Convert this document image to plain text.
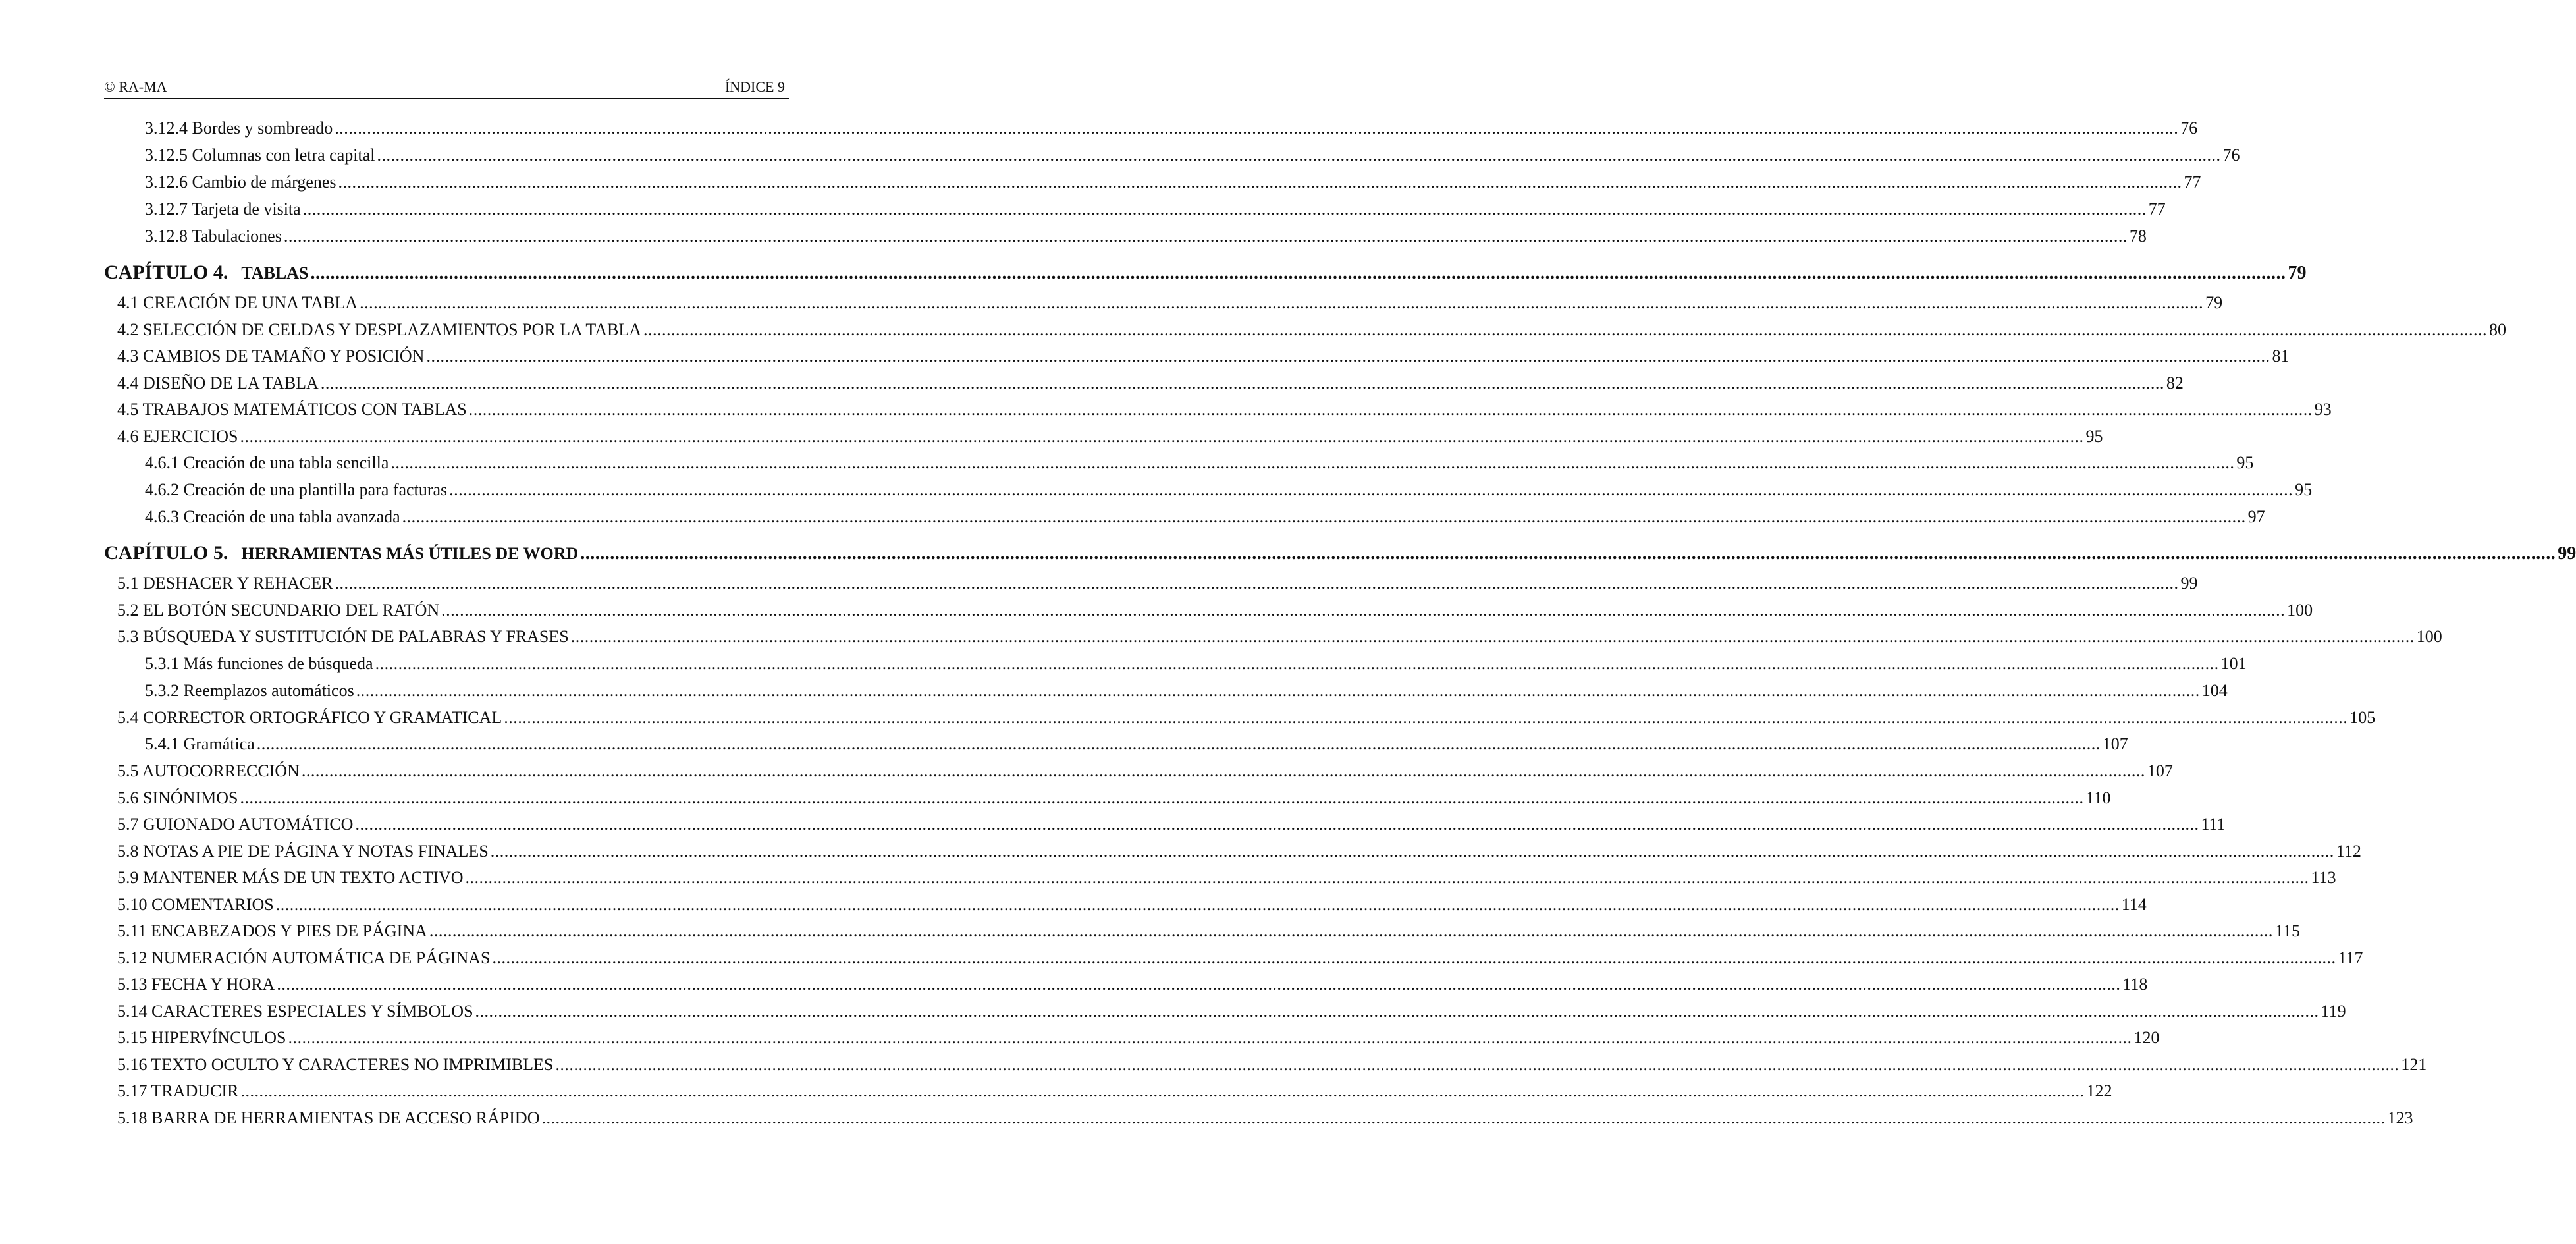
© RA-MA	ÍNDICE 9
3.12.4 Bordes y sombreado ................................................................................................................................................................................................................................................................................................................................................................................................................ 76
3.12.5 Columnas con letra capital ................................................................................................................................................................................................................................................................................................................................................................................................................ 76
3.12.6 Cambio de márgenes ................................................................................................................................................................................................................................................................................................................................................................................................................ 77
3.12.7 Tarjeta de visita ................................................................................................................................................................................................................................................................................................................................................................................................................ 77
3.12.8 Tabulaciones ................................................................................................................................................................................................................................................................................................................................................................................................................ 78
CAPÍTULO 4. TABLAS ................................................................................................................................................................................................................................................................................................................................................................................................................ 79
4.1 CREACIÓN DE UNA TABLA ................................................................................................................................................................................................................................................................................................................................................................................................................ 79
4.2 SELECCIÓN DE CELDAS Y DESPLAZAMIENTOS POR LA TABLA ................................................................................................................................................................................................................................................................................................................................................................................................................ 80
4.3 CAMBIOS DE TAMAÑO Y POSICIÓN ................................................................................................................................................................................................................................................................................................................................................................................................................ 81
4.4 DISEÑO DE LA TABLA ................................................................................................................................................................................................................................................................................................................................................................................................................ 82
4.5 TRABAJOS MATEMÁTICOS CON TABLAS ................................................................................................................................................................................................................................................................................................................................................................................................................ 93
4.6 EJERCICIOS ................................................................................................................................................................................................................................................................................................................................................................................................................ 95
4.6.1 Creación de una tabla sencilla ................................................................................................................................................................................................................................................................................................................................................................................................................ 95
4.6.2 Creación de una plantilla para facturas ................................................................................................................................................................................................................................................................................................................................................................................................................ 95
4.6.3 Creación de una tabla avanzada ................................................................................................................................................................................................................................................................................................................................................................................................................ 97
CAPÍTULO 5. HERRAMIENTAS MÁS ÚTILES DE WORD ................................................................................................................................................................................................................................................................................................................................................................................................................ 99
5.1 DESHACER Y REHACER ................................................................................................................................................................................................................................................................................................................................................................................................................ 99
5.2 EL BOTÓN SECUNDARIO DEL RATÓN ................................................................................................................................................................................................................................................................................................................................................................................................................ 100
5.3 BÚSQUEDA Y SUSTITUCIÓN DE PALABRAS Y FRASES ................................................................................................................................................................................................................................................................................................................................................................................................................ 100
5.3.1 Más funciones de búsqueda ................................................................................................................................................................................................................................................................................................................................................................................................................ 101
5.3.2 Reemplazos automáticos ................................................................................................................................................................................................................................................................................................................................................................................................................ 104
5.4 CORRECTOR ORTOGRÁFICO Y GRAMATICAL ................................................................................................................................................................................................................................................................................................................................................................................................................ 105
5.4.1 Gramática ................................................................................................................................................................................................................................................................................................................................................................................................................ 107
5.5 AUTOCORRECCIÓN ................................................................................................................................................................................................................................................................................................................................................................................................................ 107
5.6 SINÓNIMOS ................................................................................................................................................................................................................................................................................................................................................................................................................ 110
5.7 GUIONADO AUTOMÁTICO ................................................................................................................................................................................................................................................................................................................................................................................................................ 111
5.8 NOTAS A PIE DE PÁGINA Y NOTAS FINALES ................................................................................................................................................................................................................................................................................................................................................................................................................ 112
5.9 MANTENER MÁS DE UN TEXTO ACTIVO ................................................................................................................................................................................................................................................................................................................................................................................................................ 113
5.10 COMENTARIOS ................................................................................................................................................................................................................................................................................................................................................................................................................ 114
5.11 ENCABEZADOS Y PIES DE PÁGINA ................................................................................................................................................................................................................................................................................................................................................................................................................ 115
5.12 NUMERACIÓN AUTOMÁTICA DE PÁGINAS ................................................................................................................................................................................................................................................................................................................................................................................................................ 117
5.13 FECHA Y HORA ................................................................................................................................................................................................................................................................................................................................................................................................................ 118
5.14 CARACTERES ESPECIALES Y SÍMBOLOS ................................................................................................................................................................................................................................................................................................................................................................................................................ 119
5.15 HIPERVÍNCULOS ................................................................................................................................................................................................................................................................................................................................................................................................................ 120
5.16 TEXTO OCULTO Y CARACTERES NO IMPRIMIBLES ................................................................................................................................................................................................................................................................................................................................................................................................................ 121
5.17 TRADUCIR ................................................................................................................................................................................................................................................................................................................................................................................................................ 122
5.18 BARRA DE HERRAMIENTAS DE ACCESO RÁPIDO ................................................................................................................................................................................................................................................................................................................................................................................................................ 123
